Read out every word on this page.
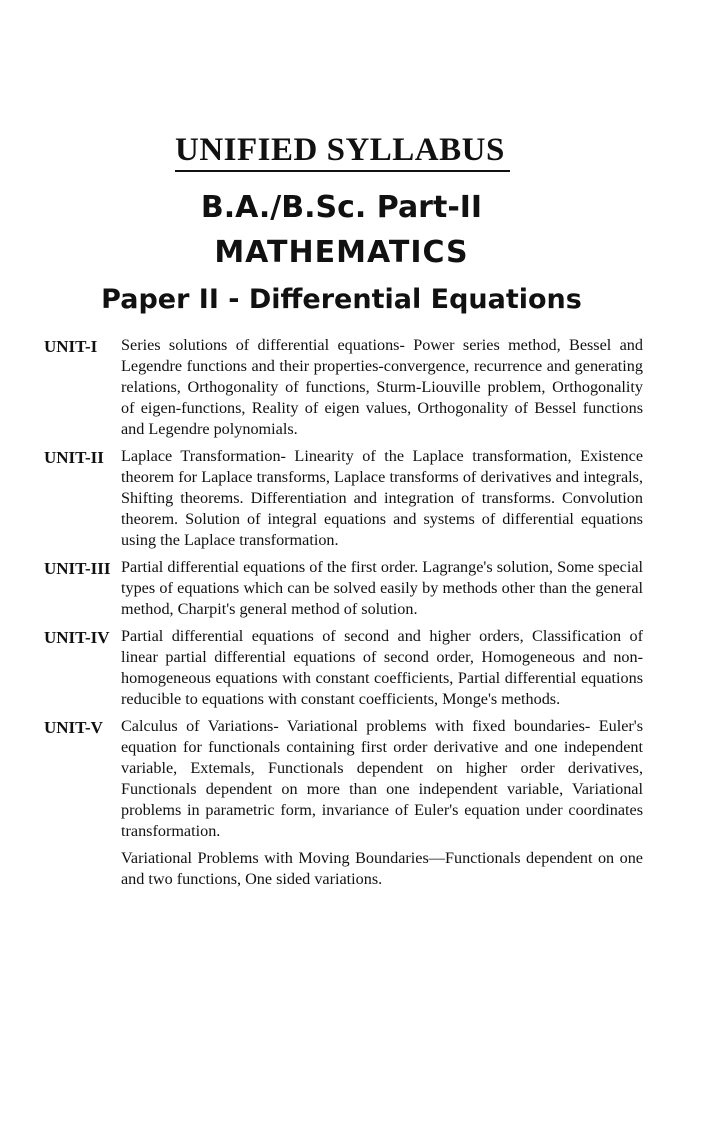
UNIFIED SYLLABUS
B.A./B.Sc. Part-II
MATHEMATICS
Paper II - Differential Equations
UNIT-I Series solutions of differential equations- Power series method, Bessel and Legendre functions and their properties-convergence, recurrence and generating relations, Orthogonality of functions, Sturm-Liouville problem, Orthogonality of eigen-functions, Reality of eigen values, Orthogonality of Bessel functions and Legendre polynomials.

UNIT-II Laplace Transformation- Linearity of the Laplace transformation, Existence theorem for Laplace transforms, Laplace transforms of derivatives and integrals, Shifting theorems. Differentiation and integration of transforms. Convolution theorem. Solution of integral equations and systems of differential equations using the Laplace transformation.

UNIT-III Partial differential equations of the first order. Lagrange's solution, Some special types of equations which can be solved easily by methods other than the general method, Charpit's general method of solution.

UNIT-IV Partial differential equations of second and higher orders, Classification of linear partial differential equations of second order, Homogeneous and non-homogeneous equations with constant coefficients, Partial differential equations reducible to equations with constant coefficients, Monge's methods.

UNIT-V Calculus of Variations- Variational problems with fixed boundaries- Euler's equation for functionals containing first order derivative and one independent variable, Extemals, Functionals dependent on higher order derivatives, Functionals dependent on more than one independent variable, Variational problems in parametric form, invariance of Euler's equation under coordinates transformation.

Variational Problems with Moving Boundaries—Functionals dependent on one and two functions, One sided variations.
